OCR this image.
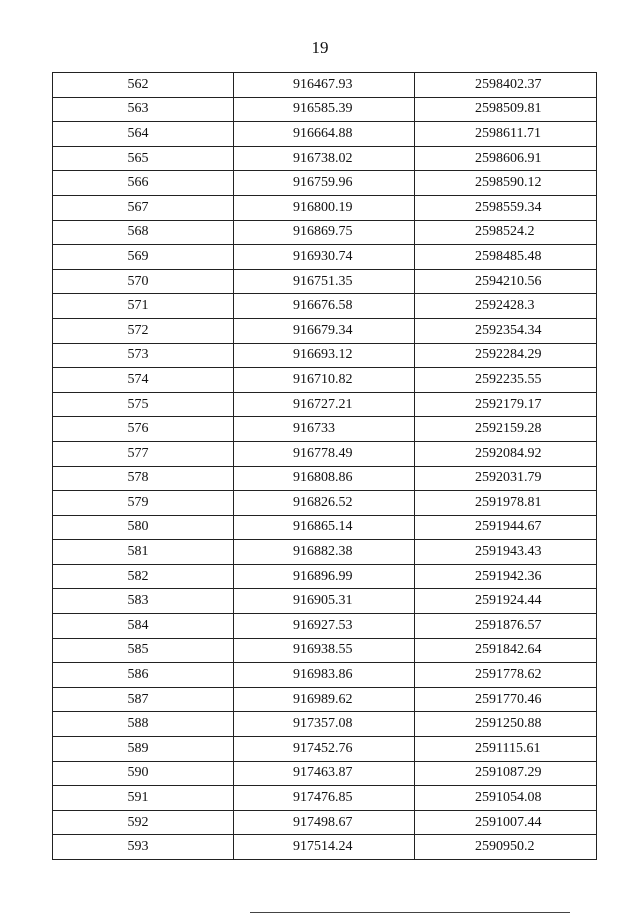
19
562	916467.93	2598402.37
563	916585.39	2598509.81
564	916664.88	2598611.71
565	916738.02	2598606.91
566	916759.96	2598590.12
567	916800.19	2598559.34
568	916869.75	2598524.2
569	916930.74	2598485.48
570	916751.35	2594210.56
571	916676.58	2592428.3
572	916679.34	2592354.34
573	916693.12	2592284.29
574	916710.82	2592235.55
575	916727.21	2592179.17
576	916733	2592159.28
577	916778.49	2592084.92
578	916808.86	2592031.79
579	916826.52	2591978.81
580	916865.14	2591944.67
581	916882.38	2591943.43
582	916896.99	2591942.36
583	916905.31	2591924.44
584	916927.53	2591876.57
585	916938.55	2591842.64
586	916983.86	2591778.62
587	916989.62	2591770.46
588	917357.08	2591250.88
589	917452.76	2591115.61
590	917463.87	2591087.29
591	917476.85	2591054.08
592	917498.67	2591007.44
593	917514.24	2590950.2
